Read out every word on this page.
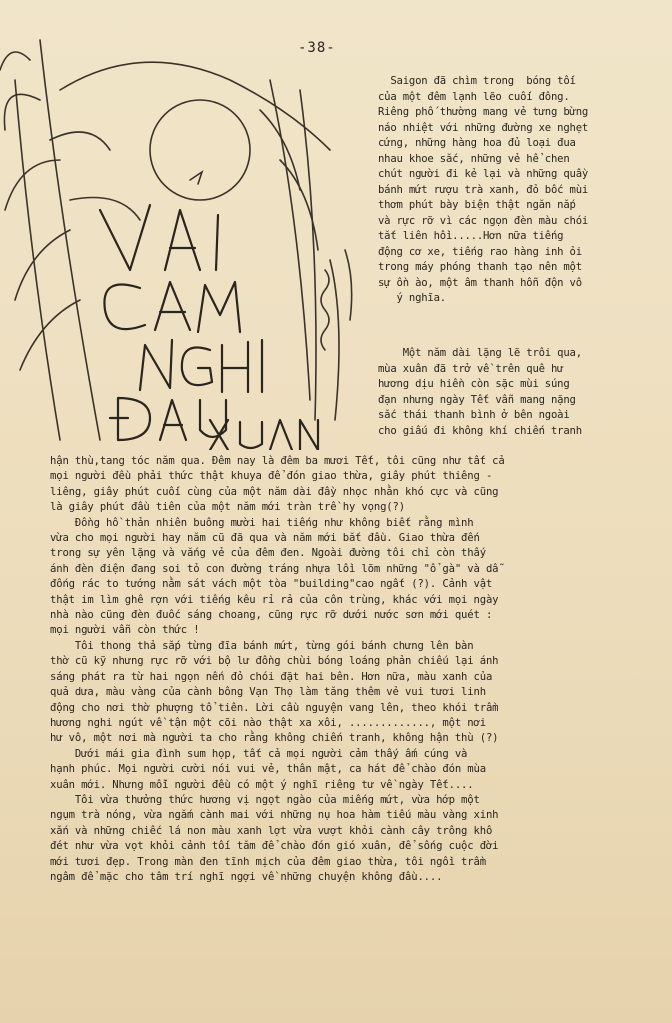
-38-
Saigon đã chìm trong  bóng tối
của một đêm lạnh lẽo cuối đông.
Riêng phố thường mang vẻ tưng bừng
náo nhiệt với những đường xe nghẹt
cứng, những hàng hoa đủ loại đua
nhau khoe sắc, những vẻ hể chen
chút người đi kẻ lại và những quầy
bánh mứt rượu trà xanh, đỏ bốc mùi
thơm phút bày biện thật ngăn nắp
và rực rỡ vì các ngọn đèn màu chói
tắt liên hồi.....Hơn nữa tiếng
động cơ xe, tiếng rao hàng inh ỏi
trong máy phóng thanh tạo nên một
sự ồn ào, một âm thanh hỗn độn vô
ý nghĩa.
Một năm dài lặng lẽ trôi qua,
mùa xuân đã trở về trên quê hư
hương dịu hiền còn sặc mùi súng
đạn nhưng ngày Tết vẫn mang nặng
sắc thái thanh bình ở bên ngoài
cho giấu đi không khí chiến tranh
hận thù,tang tóc năm qua. Đêm nay là đêm ba mươi Tết, tôi cũng như tất cả
mọi người đều phải thức thật khuya để đón giao thừa, giây phút thiêng -
liêng, giây phút cuối cùng của một năm dài đầy nhọc nhằn khó cực và cũng
là giây phút đầu tiên của một năm mới tràn trề hy vọng(?)
Đồng hồ thản nhiên buông mười hai tiếng như không biết rằng mình
vừa cho mọi người hay năm cũ đã qua và năm mới bắt đầu. Giao thừa đến
trong sự yên lặng và vắng vẻ của đêm đen. Ngoài đường tôi chỉ còn thấy
ánh đèn điện đang soi tỏ con đường tráng nhựa lồi lõm những "ổ gà" và dẫ
đống rác to tướng nằm sát vách một tòa "building"cao ngất (?). Cảnh vật
thật im lìm ghê rợn với tiếng kêu rỉ rả của côn trùng, khác với mọi ngày
nhà nào cũng đèn đuốc sáng choang, cũng rực rỡ dưới nước sơn mới quét :
mọi người vẫn còn thức !
Tôi thong thả sắp từng đĩa bánh mứt, từng gói bánh chưng lên bàn
thờ cũ kỹ nhưng rực rỡ với bộ lư đồng chùi bóng loáng phản chiếu lại ánh
sáng phát ra từ hai ngọn nến đỏ chói đặt hai bên. Hơn nữa, màu xanh của
quả dưa, màu vàng của cành bông Vạn Thọ làm tăng thêm vẻ vui tươi linh
động cho nơi thờ phượng tổ tiên. Lời cầu nguyện vang lên, theo khói trầm
hương nghi ngút về tận một cõi nào thật xa xôi, ............., một nơi
hư vô, một nơi mà người ta cho rằng không chiến tranh, không hận thù (?)
Dưới mái gia đình sum họp, tất cả mọi người cảm thấy ấm cúng và
hạnh phúc. Mọi người cười nói vui vẻ, thân mật, ca hát để chào đón mùa
xuân mới. Nhưng mỗi người đều có một ý nghĩ riêng tư về ngày Tết....
Tôi vừa thưởng thức hương vị ngọt ngào của miếng mứt, vừa hớp một
ngụm trà nóng, vừa ngắm cành mai với những nụ hoa hàm tiếu màu vàng xinh
xắn và những chiếc lá non màu xanh lợt vừa vượt khỏi cành cây trông khô
đét như vừa vọt khỏi cảnh tối tăm để chào đón gió xuân, để sống cuộc đời
mới tươi đẹp. Trong màn đen tĩnh mịch của đêm giao thừa, tôi ngồi trầm
ngâm để mặc cho tâm trí nghĩ ngợi về những chuyện không đầu....
